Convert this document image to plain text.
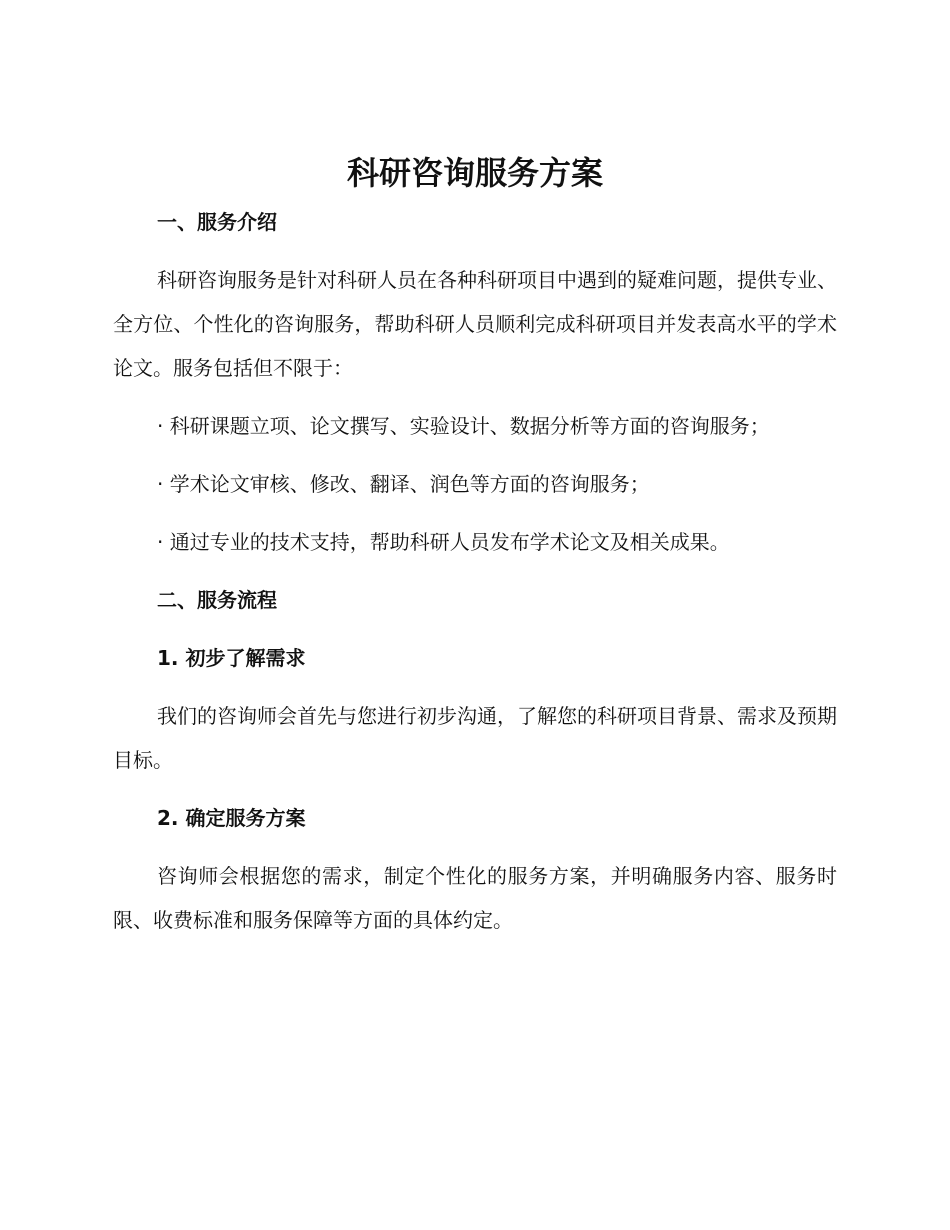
科研咨询服务方案
一、服务介绍

科研咨询服务是针对科研人员在各种科研项目中遇到的疑难问题，提供专业、全方位、个性化的咨询服务，帮助科研人员顺利完成科研项目并发表高水平的学术论文。服务包括但不限于：

· 科研课题立项、论文撰写、实验设计、数据分析等方面的咨询服务；

· 学术论文审核、修改、翻译、润色等方面的咨询服务；

· 通过专业的技术支持，帮助科研人员发布学术论文及相关成果。

二、服务流程
1. 初步了解需求

我们的咨询师会首先与您进行初步沟通，了解您的科研项目背景、需求及预期目标。

2. 确定服务方案

咨询师会根据您的需求，制定个性化的服务方案，并明确服务内容、服务时限、收费标准和服务保障等方面的具体约定。
